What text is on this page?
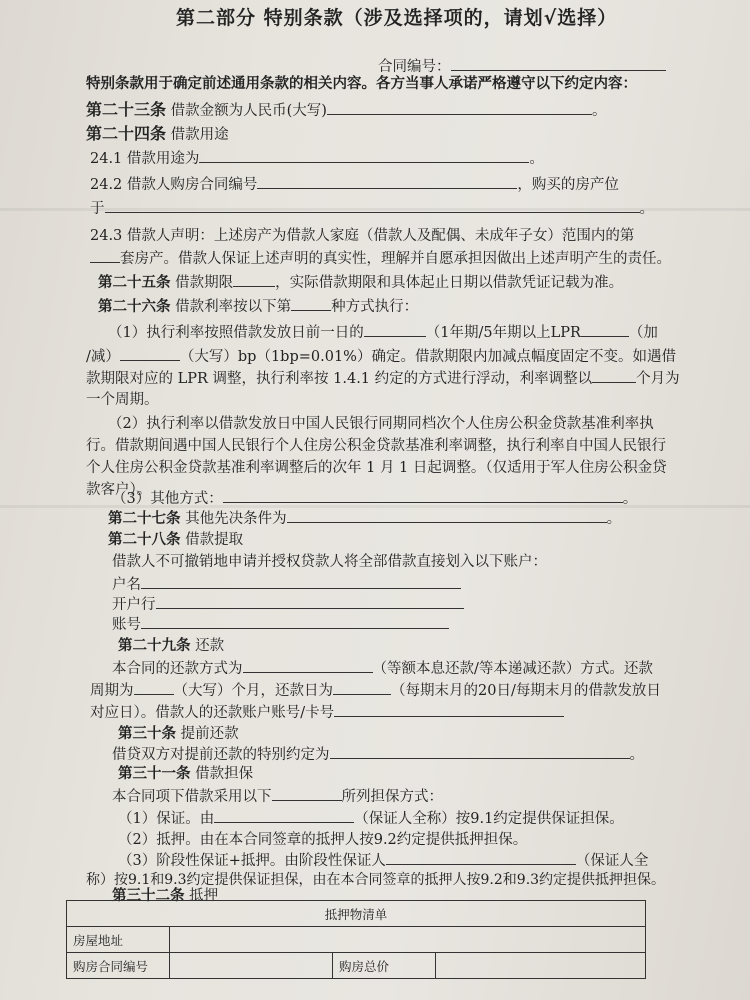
第二部分 特别条款（涉及选择项的，请划√选择）
合同编号：
特别条款用于确定前述通用条款的相关内容。各方当事人承诺严格遵守以下约定内容：
第二十三条 借款金额为人民币(大写)	。
第二十四条 借款用途
24.1 借款用途为	。
24.2 借款人购房合同编号	，购买的房产位
于	。
24.3 借款人声明：上述房产为借款人家庭（借款人及配偶、未成年子女）范围内的第
套房产。借款人保证上述声明的真实性，理解并自愿承担因做出上述声明产生的责任。
第二十五条 借款期限	，实际借款期限和具体起止日期以借款凭证记载为准。
第二十六条 借款利率按以下第	种方式执行：
（1）执行利率按照借款发放日前一日的	（1年期/5年期以上LPR	（加
/减）	（大写）bp（1bp=0.01%）确定。借款期限内加减点幅度固定不变。如遇借
款期限对应的 LPR 调整，执行利率按 1.4.1 约定的方式进行浮动，利率调整以	个月为
一个周期。
（2）执行利率以借款发放日中国人民银行同期同档次个人住房公积金贷款基准利率执
行。借款期间遇中国人民银行个人住房公积金贷款基准利率调整，执行利率自中国人民银行
个人住房公积金贷款基准利率调整后的次年 1 月 1 日起调整。（仅适用于军人住房公积金贷
款客户）。
（3）其他方式：	。
第二十七条 其他先决条件为	。
第二十八条 借款提取
借款人不可撤销地申请并授权贷款人将全部借款直接划入以下账户：
户名
开户行
账号
第二十九条 还款
本合同的还款方式为	（等额本息还款/等本递减还款）方式。还款
周期为	（大写）个月，还款日为	（每期末月的20日/每期末月的借款发放日
对应日）。借款人的还款账户账号/卡号
第三十条 提前还款
借贷双方对提前还款的特别约定为	。
第三十一条 借款担保
本合同项下借款采用以下	所列担保方式：
（1）保证。由	（保证人全称）按9.1约定提供保证担保。
（2）抵押。由在本合同签章的抵押人按9.2约定提供抵押担保。
（3）阶段性保证+抵押。由阶段性保证人	（保证人全
称）按9.1和9.3约定提供保证担保，由在本合同签章的抵押人按9.2和9.3约定提供抵押担保。
第三十二条 抵押
抵押物清单			
房屋地址			
购房合同编号		购房总价	
